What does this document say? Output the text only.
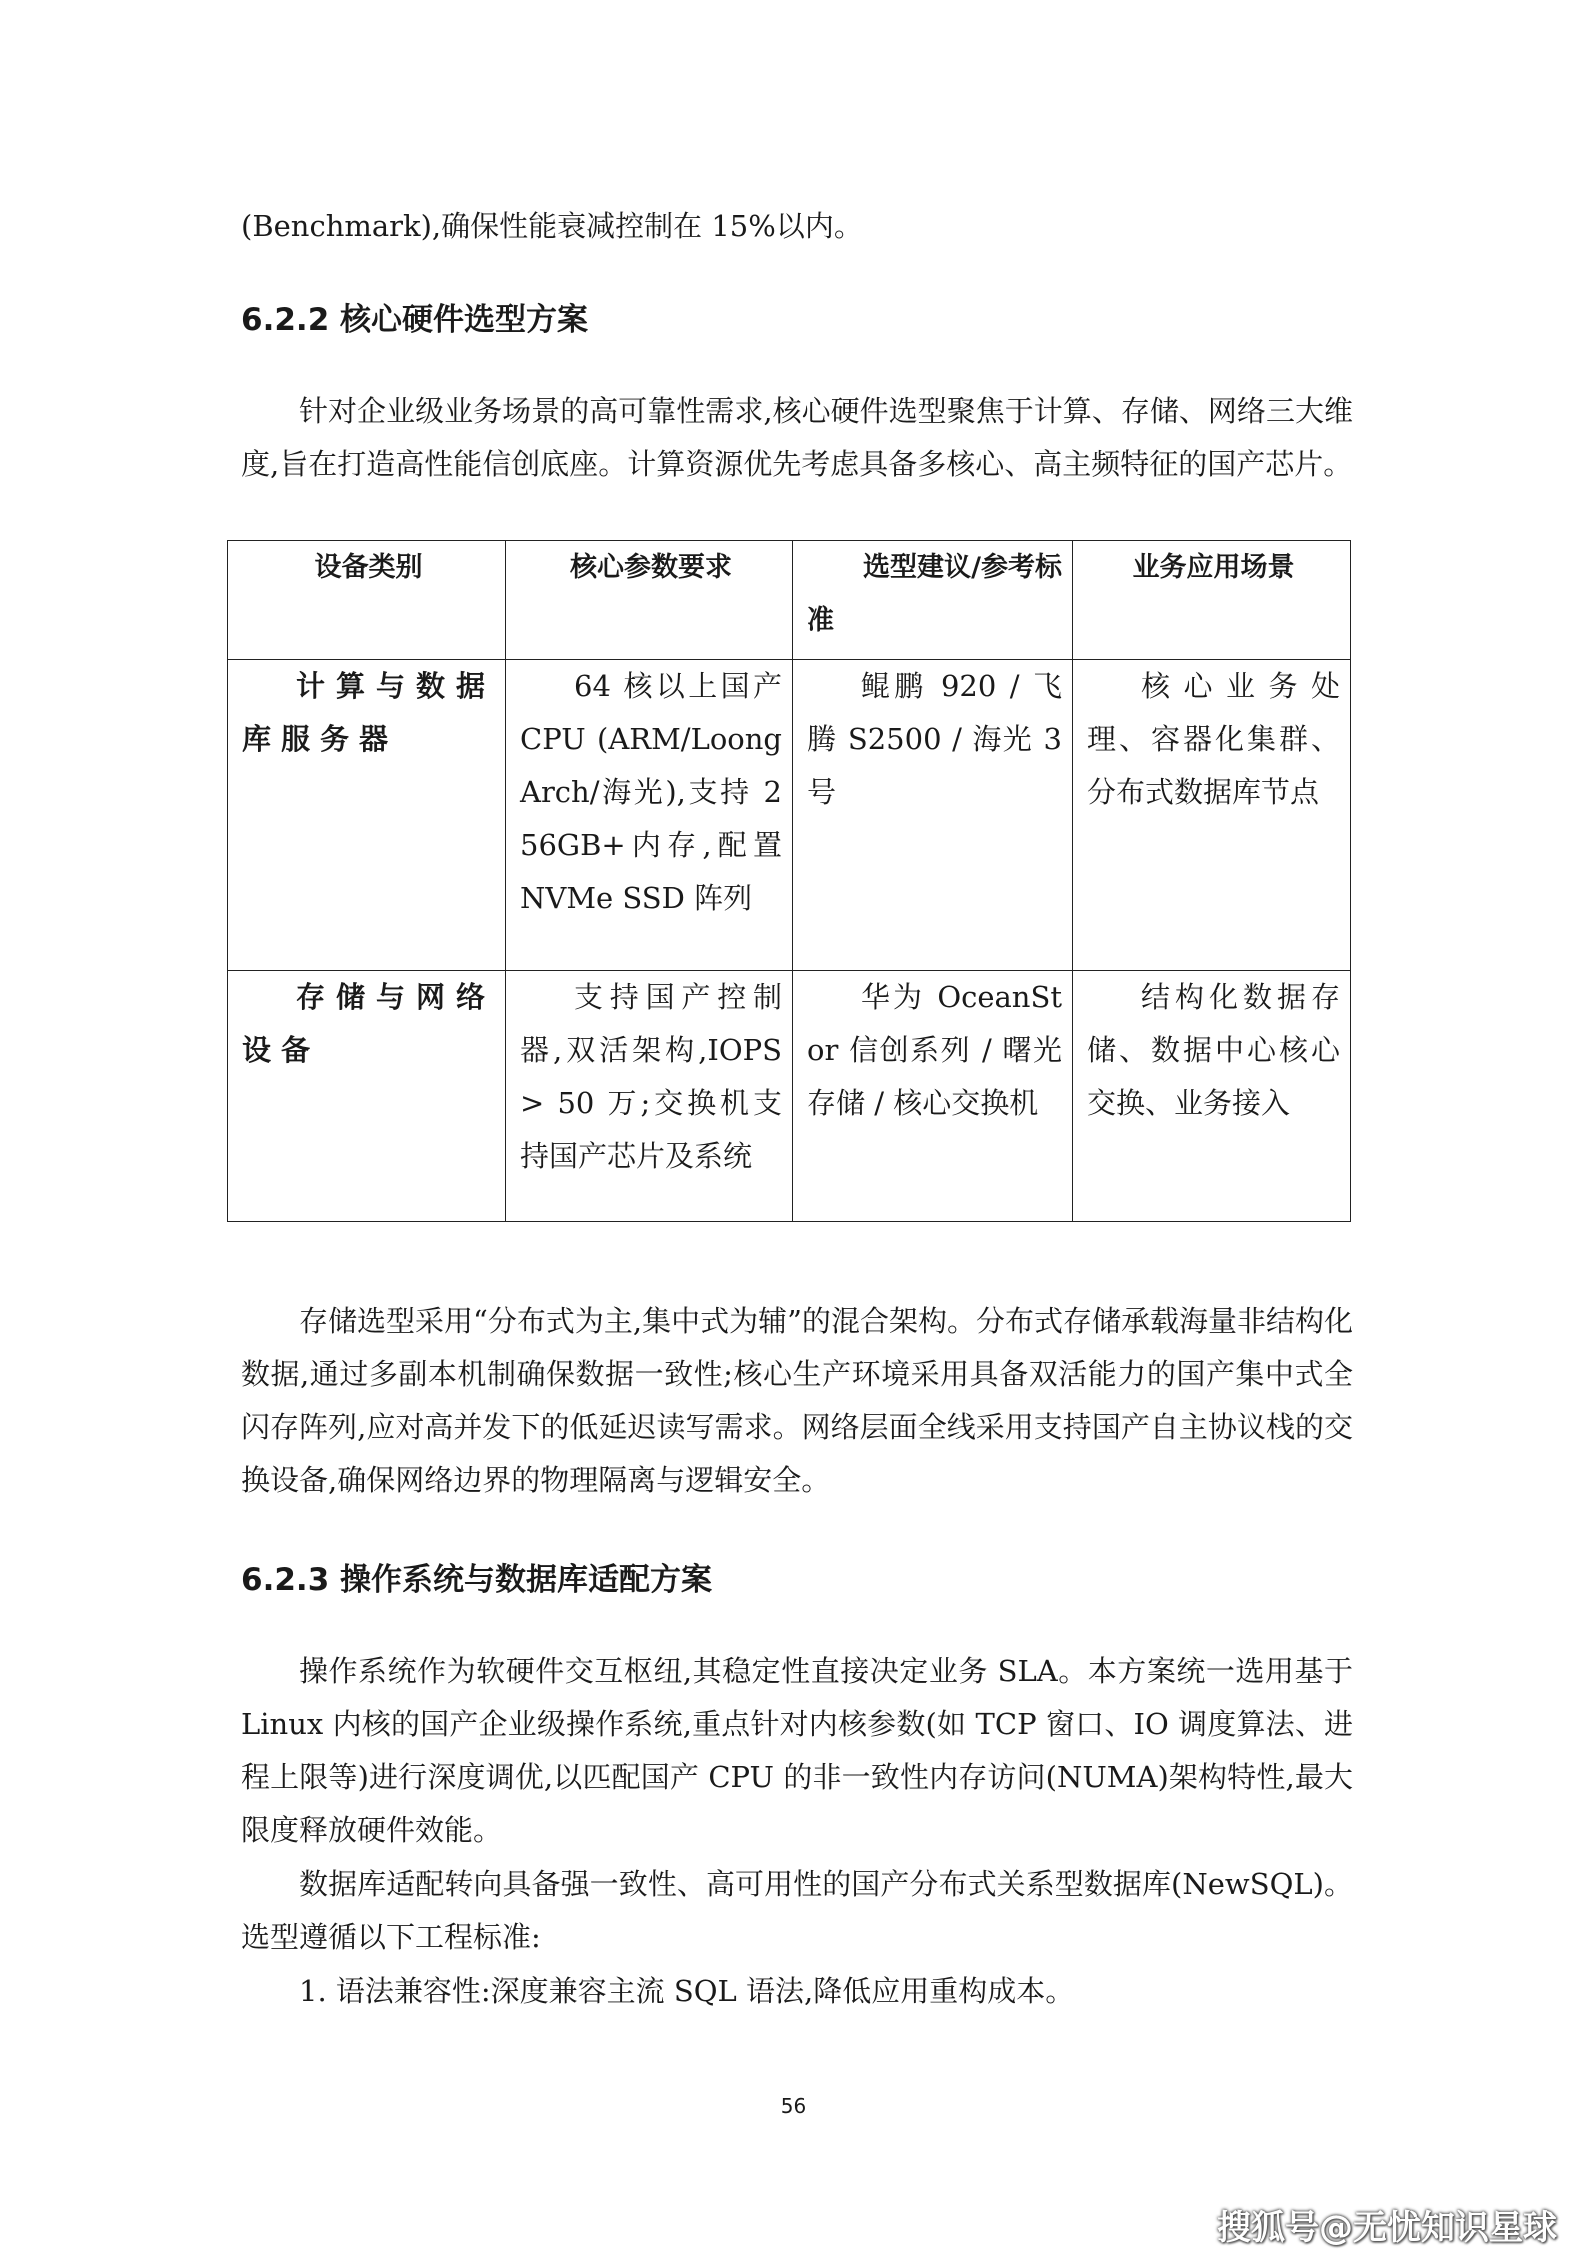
(Benchmark),确保性能衰减控制在 15%以内。

6.2.2 核心硬件选型方案

针对企业级业务场景的高可靠性需求,核心硬件选型聚焦于计算、存储、网络三大维度,旨在打造高性能信创底座。计算资源优先考虑具备多核心、高主频特征的国产芯片。

设备类别	核心参数要求	选型建议/参考标准	业务应用场景
计算与数据库服务器	64 核以上国产 CPU (ARM/LoongArch/海光),支持 256GB+内存,配置 NVMe SSD 阵列	鲲鹏 920 / 飞腾 S2500 / 海光 3 号	核心业务处理、容器化集群、分布式数据库节点
存储与网络设备	支持国产控制器,双活架构,IOPS > 50 万;交换机支持国产芯片及系统	华为 OceanStor 信创系列 / 曙光存储 / 核心交换机	结构化数据存储、数据中心核心交换、业务接入

存储选型采用“分布式为主,集中式为辅”的混合架构。分布式存储承载海量非结构化数据,通过多副本机制确保数据一致性;核心生产环境采用具备双活能力的国产集中式全闪存阵列,应对高并发下的低延迟读写需求。网络层面全线采用支持国产自主协议栈的交换设备,确保网络边界的物理隔离与逻辑安全。

6.2.3 操作系统与数据库适配方案

操作系统作为软硬件交互枢纽,其稳定性直接决定业务 SLA。本方案统一选用基于 Linux 内核的国产企业级操作系统,重点针对内核参数(如 TCP 窗口、IO 调度算法、进程上限等)进行深度调优,以匹配国产 CPU 的非一致性内存访问(NUMA)架构特性,最大限度释放硬件效能。

数据库适配转向具备强一致性、高可用性的国产分布式关系型数据库(NewSQL)。选型遵循以下工程标准:

1. 语法兼容性:深度兼容主流 SQL 语法,降低应用重构成本。

56
搜狐号@无忧知识星球
